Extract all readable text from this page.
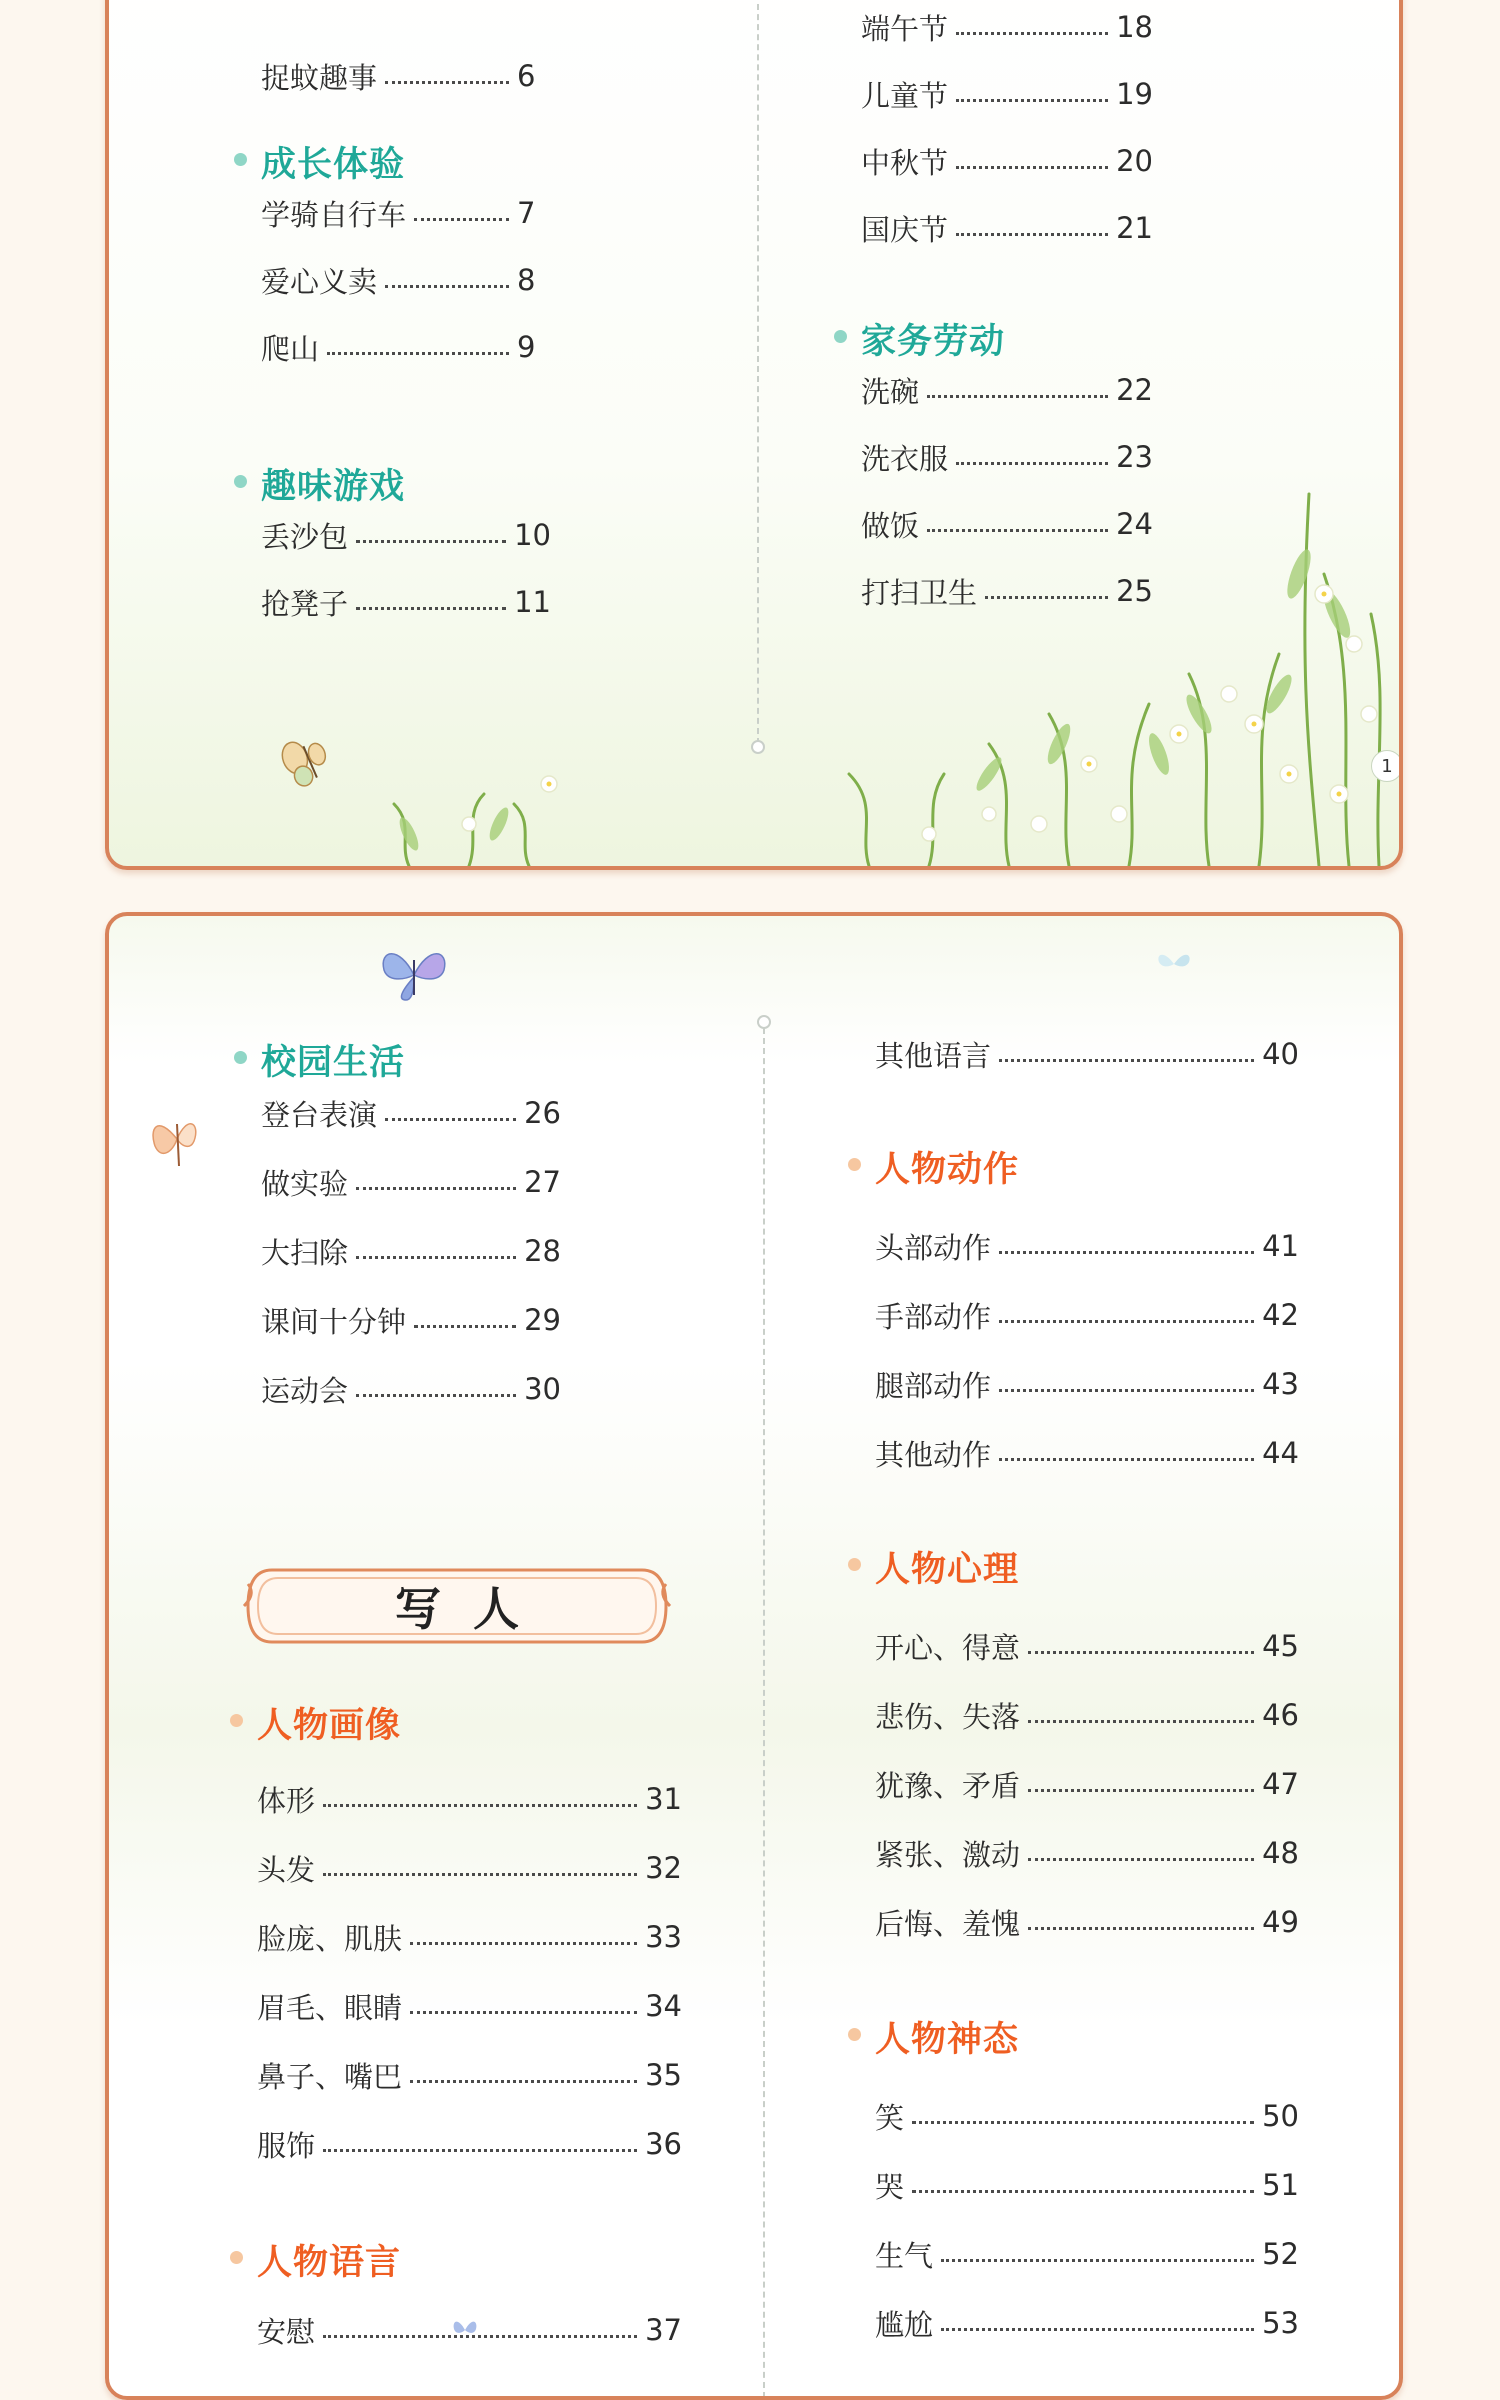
捉蚊趣事	6
成长体验
学骑自行车	7
爱心义卖	8
爬山	9
趣味游戏
丢沙包	10
抢凳子	11
端午节	18
儿童节	19
中秋节	20
国庆节	21
家务劳动
洗碗	22
洗衣服	23
做饭	24
打扫卫生	25
1
校园生活
登台表演	26
做实验	27
大扫除	28
课间十分钟	29
运动会	30
写人
人物画像
体形	31
头发	32
脸庞、肌肤	33
眉毛、眼睛	34
鼻子、嘴巴	35
服饰	36
人物语言
安慰	37
其他语言	40
人物动作
头部动作	41
手部动作	42
腿部动作	43
其他动作	44
人物心理
开心、得意	45
悲伤、失落	46
犹豫、矛盾	47
紧张、激动	48
后悔、羞愧	49
人物神态
笑	50
哭	51
生气	52
尴尬	53
